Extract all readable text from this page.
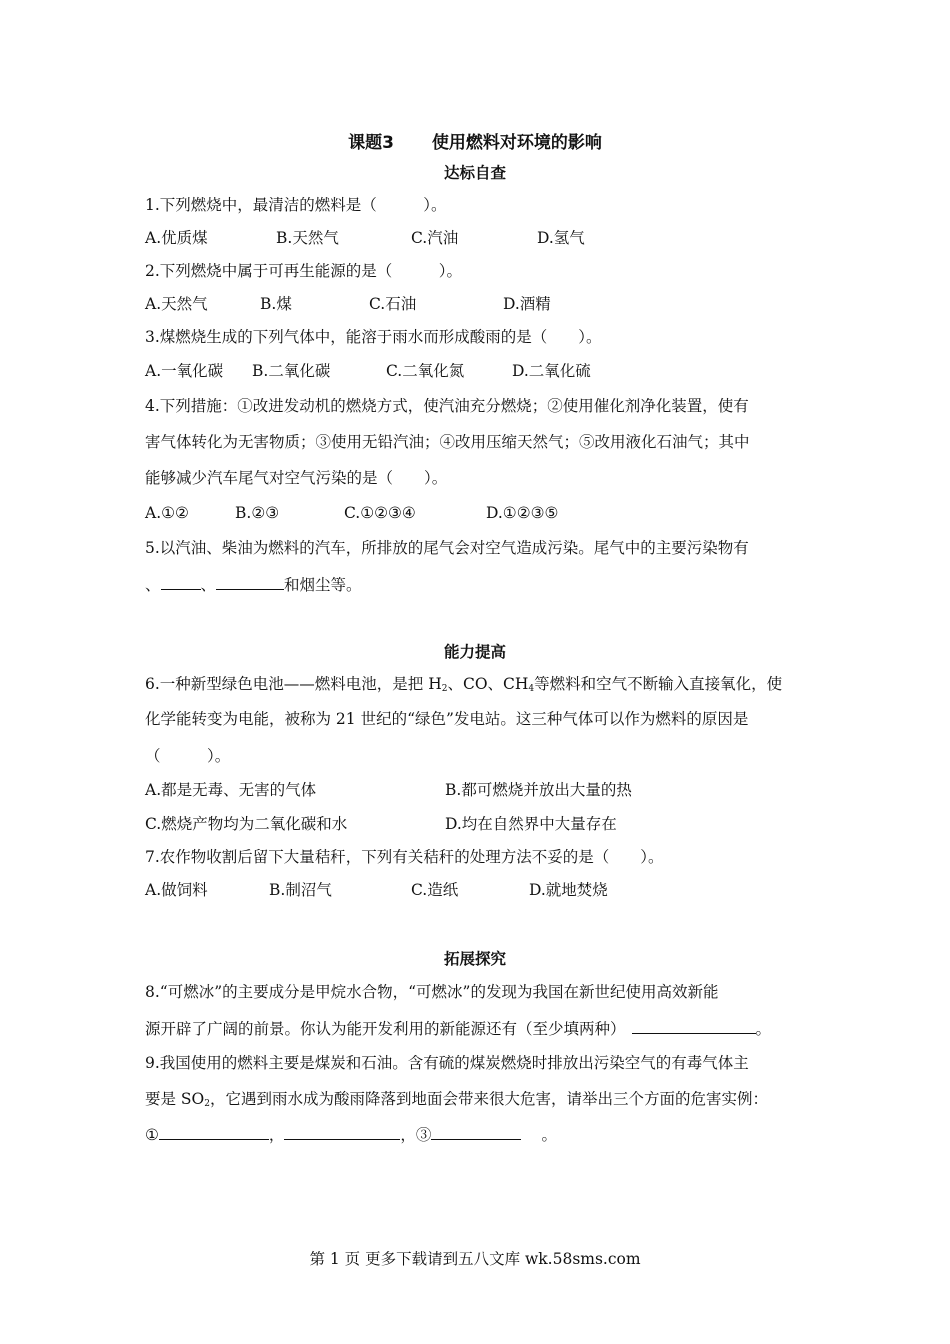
课题3 使用燃料对环境的影响
达标自查
1.下列燃烧中，最清洁的燃料是（　　　）。
A.优质煤	B.天然气	C.汽油	D.氢气
2.下列燃烧中属于可再生能源的是（　　　）。
A.天然气	B.煤	C.石油	D.酒精
3.煤燃烧生成的下列气体中，能溶于雨水而形成酸雨的是（　　）。
A.一氧化碳 B.二氧化碳	C.二氧化氮	D.二氧化硫
4.下列措施：①改进发动机的燃烧方式，使汽油充分燃烧；②使用催化剂净化装置，使有
害气体转化为无害物质；③使用无铅汽油；④改用压缩天然气；⑤改用液化石油气；其中
能够减少汽车尾气对空气污染的是（　　）。
A.①②	B.②③	C.①②③④	D.①②③⑤
5.以汽油、柴油为燃料的汽车，所排放的尾气会对空气造成污染。尾气中的主要污染物有
、	、	和烟尘等。
能力提高
6.一种新型绿色电池——燃料电池，是把 $H_2$、CO、$CH_4$等燃料和空气不断输入直接氧化，使
化学能转变为电能，被称为 21 世纪的“绿色”发电站。这三种气体可以作为燃料的原因是
（　　　）。
A.都是无毒、无害的气体	B.都可燃烧并放出大量的热
C.燃烧产物均为二氧化碳和水	D.均在自然界中大量存在
7.农作物收割后留下大量秸秆，下列有关秸秆的处理方法不妥的是（　　）。
A.做饲料	B.制沼气	C.造纸	D.就地焚烧
拓展探究
8.“可燃冰”的主要成分是甲烷水合物，“可燃冰”的发现为我国在新世纪使用高效新能
源开辟了广阔的前景。你认为能开发利用的新能源还有（至少填两种）	。
9.我国使用的燃料主要是煤炭和石油。含有硫的煤炭燃烧时排放出污染空气的有毒气体主
要是 $SO_2$，它遇到雨水成为酸雨降落到地面会带来很大危害，请举出三个方面的危害实例：
①	，	，③	。
第 1 页 更多下载请到五八文库 wk.58sms.com
